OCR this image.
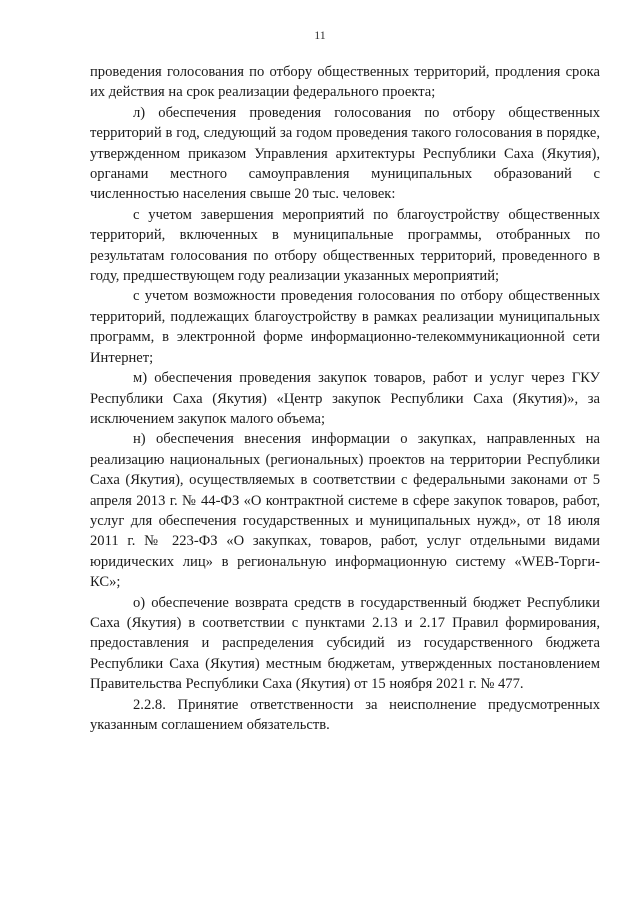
11

проведения голосования по отбору общественных территорий, продления срока их действия на срок реализации федерального проекта;

л) обеспечения проведения голосования по отбору общественных территорий в год, следующий за годом проведения такого голосования в порядке, утвержденном приказом Управления архитектуры Республики Саха (Якутия), органами местного самоуправления муниципальных образований с численностью населения свыше 20 тыс. человек:

с учетом завершения мероприятий по благоустройству общественных территорий, включенных в муниципальные программы, отобранных по результатам голосования по отбору общественных территорий, проведенного в году, предшествующем году реализации указанных мероприятий;

с учетом возможности проведения голосования по отбору общественных территорий, подлежащих благоустройству в рамках реализации муниципальных программ, в электронной форме информационно-телекоммуникационной сети Интернет;

м) обеспечения проведения закупок товаров, работ и услуг через ГКУ Республики Саха (Якутия) «Центр закупок Республики Саха (Якутия)», за исключением закупок малого объема;

н) обеспечения внесения информации о закупках, направленных на реализацию национальных (региональных) проектов на территории Республики Саха (Якутия), осуществляемых в соответствии с федеральными законами от 5 апреля 2013 г. № 44-ФЗ «О контрактной системе в сфере закупок товаров, работ, услуг для обеспечения государственных и муниципальных нужд», от 18 июля 2011 г. № 223-ФЗ «О закупках, товаров, работ, услуг отдельными видами юридических лиц» в региональную информационную систему «WEB-Торги-КС»;

о) обеспечение возврата средств в государственный бюджет Республики Саха (Якутия) в соответствии с пунктами 2.13 и 2.17 Правил формирования, предоставления и распределения субсидий из государственного бюджета Республики Саха (Якутия) местным бюджетам, утвержденных постановлением Правительства Республики Саха (Якутия) от 15 ноября 2021 г. № 477.

2.2.8. Принятие ответственности за неисполнение предусмотренных указанным соглашением обязательств.
